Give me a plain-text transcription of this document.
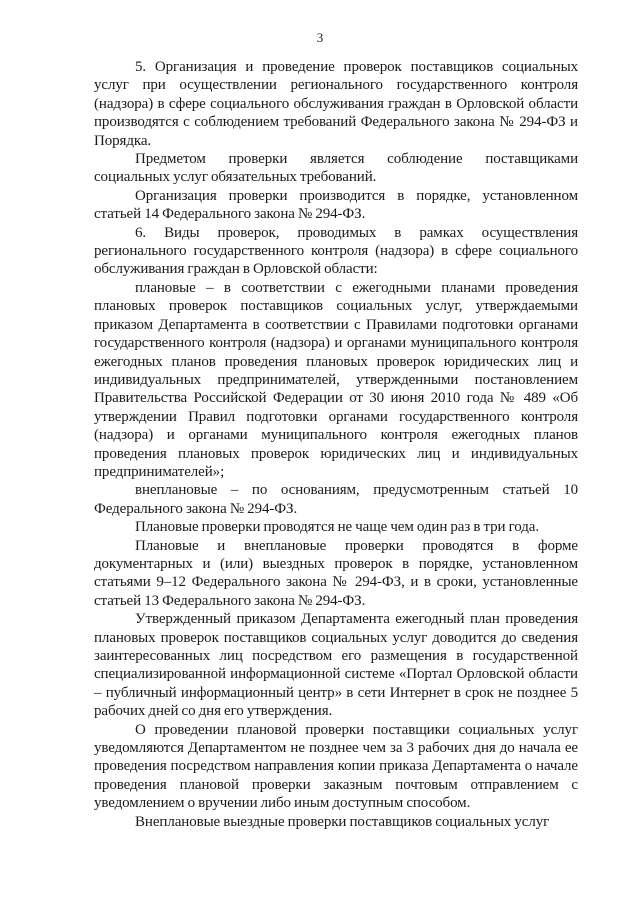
3

5. Организация и проведение проверок поставщиков социальных услуг при осуществлении регионального государственного контроля (надзора) в сфере социального обслуживания граждан в Орловской области производятся с соблюдением требований Федерального закона № 294-ФЗ и Порядка.

Предметом проверки является соблюдение поставщиками социальных услуг обязательных требований.

Организация проверки производится в порядке, установленном статьей 14 Федерального закона № 294-ФЗ.

6. Виды проверок, проводимых в рамках осуществления регионального государственного контроля (надзора) в сфере социального обслуживания граждан в Орловской области:

плановые – в соответствии с ежегодными планами проведения плановых проверок поставщиков социальных услуг, утверждаемыми приказом Департамента в соответствии с Правилами подготовки органами государственного контроля (надзора) и органами муниципального контроля ежегодных планов проведения плановых проверок юридических лиц и индивидуальных предпринимателей, утвержденными постановлением Правительства Российской Федерации от 30 июня 2010 года № 489 «Об утверждении Правил подготовки органами государственного контроля (надзора) и органами муниципального контроля ежегодных планов проведения плановых проверок юридических лиц и индивидуальных предпринимателей»;

внеплановые – по основаниям, предусмотренным статьей 10 Федерального закона № 294-ФЗ.

Плановые проверки проводятся не чаще чем один раз в три года.

Плановые и внеплановые проверки проводятся в форме документарных и (или) выездных проверок в порядке, установленном статьями 9–12 Федерального закона № 294-ФЗ, и в сроки, установленные статьей 13 Федерального закона № 294-ФЗ.

Утвержденный приказом Департамента ежегодный план проведения плановых проверок поставщиков социальных услуг доводится до сведения заинтересованных лиц посредством его размещения в государственной специализированной информационной системе «Портал Орловской области – публичный информационный центр» в сети Интернет в срок не позднее 5 рабочих дней со дня его утверждения.

О проведении плановой проверки поставщики социальных услуг уведомляются Департаментом не позднее чем за 3 рабочих дня до начала ее проведения посредством направления копии приказа Департамента о начале проведения плановой проверки заказным почтовым отправлением с уведомлением о вручении либо иным доступным способом.

Внеплановые выездные проверки поставщиков социальных услуг
